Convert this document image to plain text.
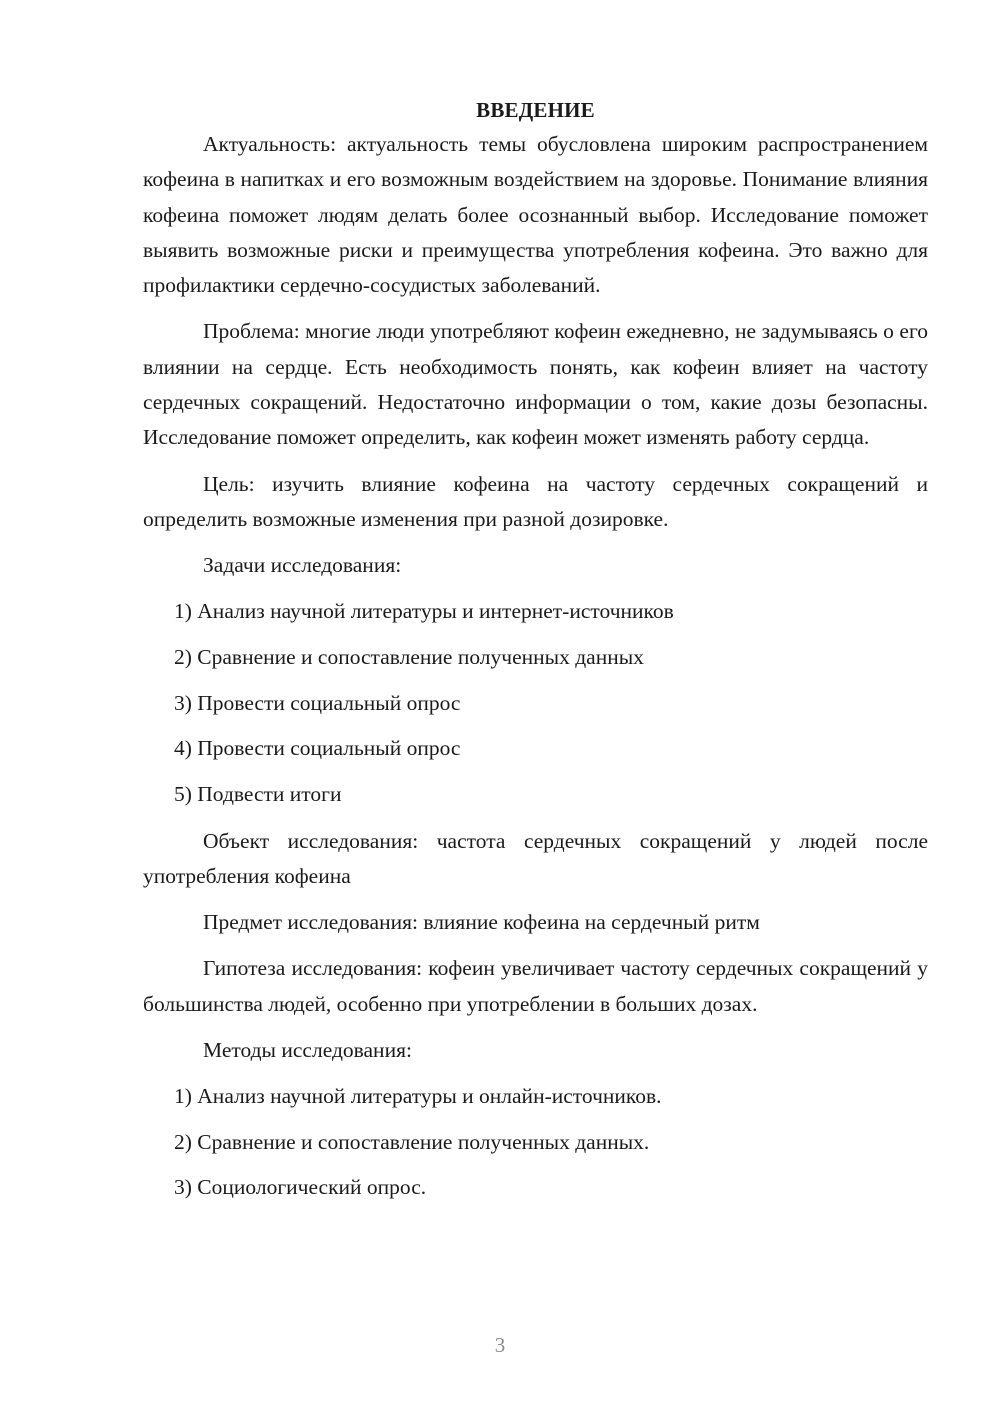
ВВЕДЕНИЕ

Актуальность: актуальность темы обусловлена широким распространением кофеина в напитках и его возможным воздействием на здоровье. Понимание влияния кофеина поможет людям делать более осознанный выбор. Исследование поможет выявить возможные риски и преимущества употребления кофеина. Это важно для профилактики сердечно-сосудистых заболеваний.

Проблема: многие люди употребляют кофеин ежедневно, не задумываясь о его влиянии на сердце. Есть необходимость понять, как кофеин влияет на частоту сердечных сокращений. Недостаточно информации о том, какие дозы безопасны. Исследование поможет определить, как кофеин может изменять работу сердца.

Цель: изучить влияние кофеина на частоту сердечных сокращений и определить возможные изменения при разной дозировке.

Задачи исследования:

1) Анализ научной литературы и интернет-источников

2) Сравнение и сопоставление полученных данных

3) Провести социальный опрос

4) Провести социальный опрос

5) Подвести итоги

Объект исследования: частота сердечных сокращений у людей после употребления кофеина

Предмет исследования: влияние кофеина на сердечный ритм

Гипотеза исследования: кофеин увеличивает частоту сердечных сокращений у большинства людей, особенно при употреблении в больших дозах.

Методы исследования:

1) Анализ научной литературы и онлайн-источников.

2) Сравнение и сопоставление полученных данных.

3) Социологический опрос.

3
